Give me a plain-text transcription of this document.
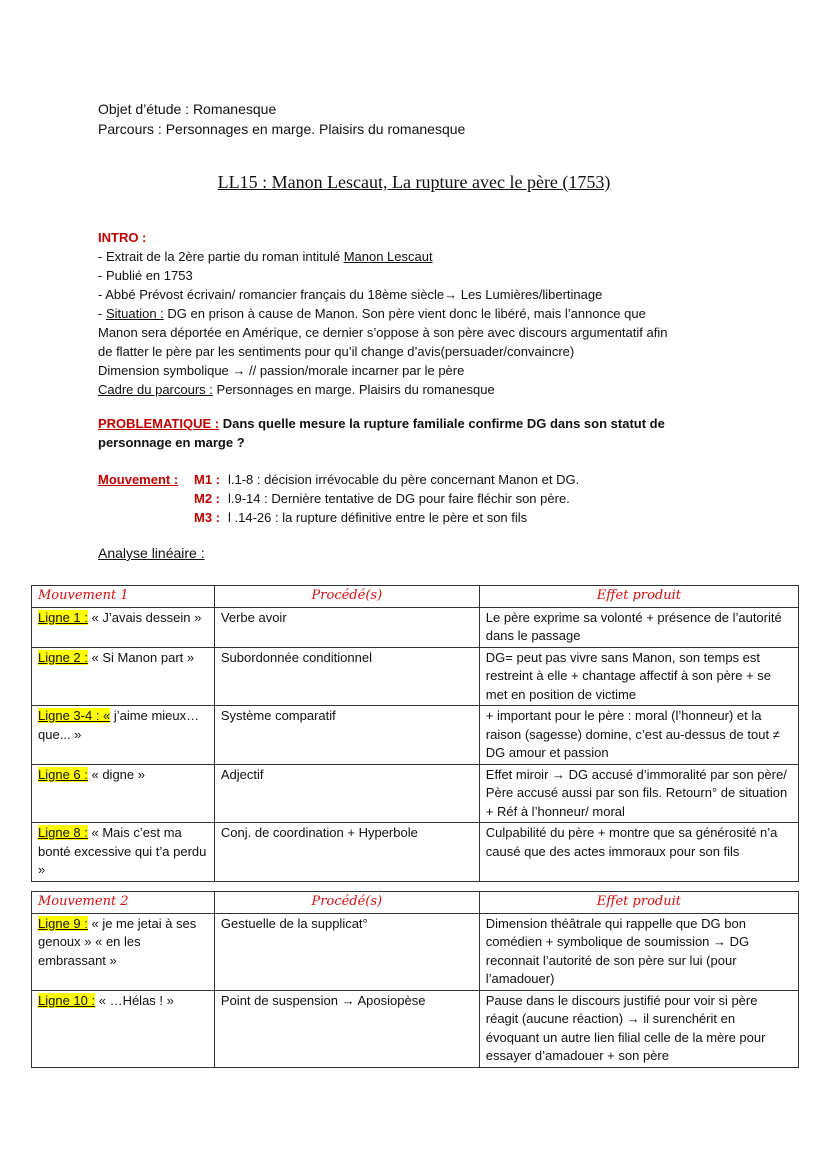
Objet d’étude : Romanesque
Parcours : Personnages en marge. Plaisirs du romanesque
LL15 : Manon Lescaut, La rupture avec le père (1753)
INTRO :
- Extrait de la 2ère partie du roman intitulé Manon Lescaut
- Publié en 1753
- Abbé Prévost écrivain/ romancier français du 18ème siècle→ Les Lumières/libertinage
- Situation : DG en prison à cause de Manon. Son père vient donc le libéré, mais l’annonce que
Manon sera déportée en Amérique, ce dernier s’oppose à son père avec discours argumentatif afin
de flatter le père par les sentiments pour qu’il change d’avis(persuader/convaincre)
Dimension symbolique → // passion/morale incarner par le père
Cadre du parcours : Personnages en marge. Plaisirs du romanesque
PROBLEMATIQUE : Dans quelle mesure la rupture familiale confirme DG dans son statut de
personnage en marge ?
Mouvement :	M1 : l.1-8 : décision irrévocable du père concernant Manon et DG.
M2 : l.9-14 : Dernière tentative de DG pour faire fléchir son père.
M3 : l .14-26 : la rupture définitive entre le père et son fils
Analyse linéaire :
Mouvement 1	Procédé(s)	Effet produit
Ligne 1 : « J’avais dessein »	Verbe avoir	Le père exprime sa volonté + présence de l’autorité dans le passage
Ligne 2 : « Si Manon part »	Subordonnée conditionnel	DG= peut pas vivre sans Manon, son temps est restreint à elle + chantage affectif à son père + se met en position de victime
Ligne 3-4 : « j’aime mieux…que... »	Système comparatif	+ important pour le père : moral (l’honneur) et la raison (sagesse) domine, c’est au-dessus de tout ≠ DG amour et passion
Ligne 6 : « digne »	Adjectif	Effet miroir → DG accusé d’immoralité par son père/ Père accusé aussi par son fils. Retourn° de situation + Réf à l’honneur/ moral
Ligne 8 : « Mais c’est ma bonté excessive qui t’a perdu »	Conj. de coordination + Hyperbole	Culpabilité du père + montre que sa générosité n’a causé que des actes immoraux pour son fils
Mouvement 2	Procédé(s)	Effet produit
Ligne 9 : « je me jetai à ses genoux » « en les embrassant »	Gestuelle de la supplicat°	Dimension théâtrale qui rappelle que DG bon comédien + symbolique de soumission → DG reconnait l’autorité de son père sur lui (pour l’amadouer)
Ligne 10 : « …Hélas ! »	Point de suspension → Aposiopèse	Pause dans le discours justifié pour voir si père réagit (aucune réaction) → il surenchérit en évoquant un autre lien filial celle de la mère pour essayer d’amadouer + son père
